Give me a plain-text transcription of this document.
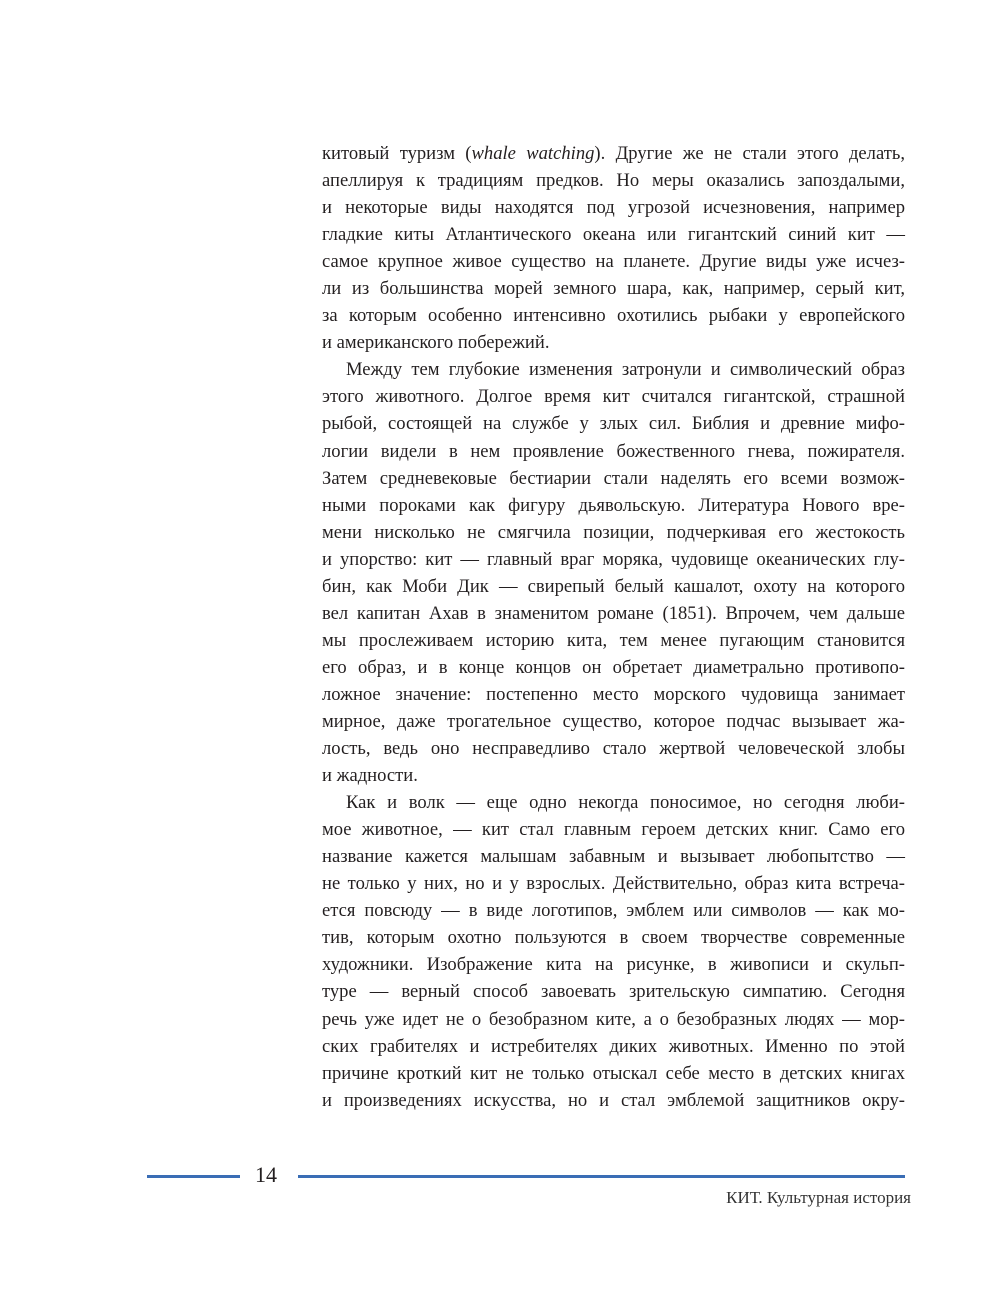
китовый туризм (whale watching). Другие же не стали этого делать,
апеллируя к традициям предков. Но меры оказались запоздалыми,
и некоторые виды находятся под угрозой исчезновения, например
гладкие киты Атлантического океана или гигантский синий кит —
самое крупное живое существо на планете. Другие виды уже исчез-
ли из большинства морей земного шара, как, например, серый кит,
за которым особенно интенсивно охотились рыбаки у европейского
и американского побережий.
Между тем глубокие изменения затронули и символический образ
этого животного. Долгое время кит считался гигантской, страшной
рыбой, состоящей на службе у злых сил. Библия и древние мифо-
логии видели в нем проявление божественного гнева, пожирателя.
Затем средневековые бестиарии стали наделять его всеми возмож-
ными пороками как фигуру дьявольскую. Литература Нового вре-
мени нисколько не смягчила позиции, подчеркивая его жестокость
и упорство: кит — главный враг моряка, чудовище океанических глу-
бин, как Моби Дик — свирепый белый кашалот, охоту на которого
вел капитан Ахав в знаменитом романе (1851). Впрочем, чем дальше
мы прослеживаем историю кита, тем менее пугающим становится
его образ, и в конце концов он обретает диаметрально противопо-
ложное значение: постепенно место морского чудовища занимает
мирное, даже трогательное существо, которое подчас вызывает жа-
лость, ведь оно несправедливо стало жертвой человеческой злобы
и жадности.
Как и волк — еще одно некогда поносимое, но сегодня люби-
мое животное, — кит стал главным героем детских книг. Само его
название кажется малышам забавным и вызывает любопытство —
не только у них, но и у взрослых. Действительно, образ кита встреча-
ется повсюду — в виде логотипов, эмблем или символов — как мо-
тив, которым охотно пользуются в своем творчестве современные
художники. Изображение кита на рисунке, в живописи и скульп-
туре — верный способ завоевать зрительскую симпатию. Сегодня
речь уже идет не о безобразном ките, а о безобразных людях — мор-
ских грабителях и истребителях диких животных. Именно по этой
причине кроткий кит не только отыскал себе место в детских книгах
и произведениях искусства, но и стал эмблемой защитников окру-
14
КИТ. Культурная история
